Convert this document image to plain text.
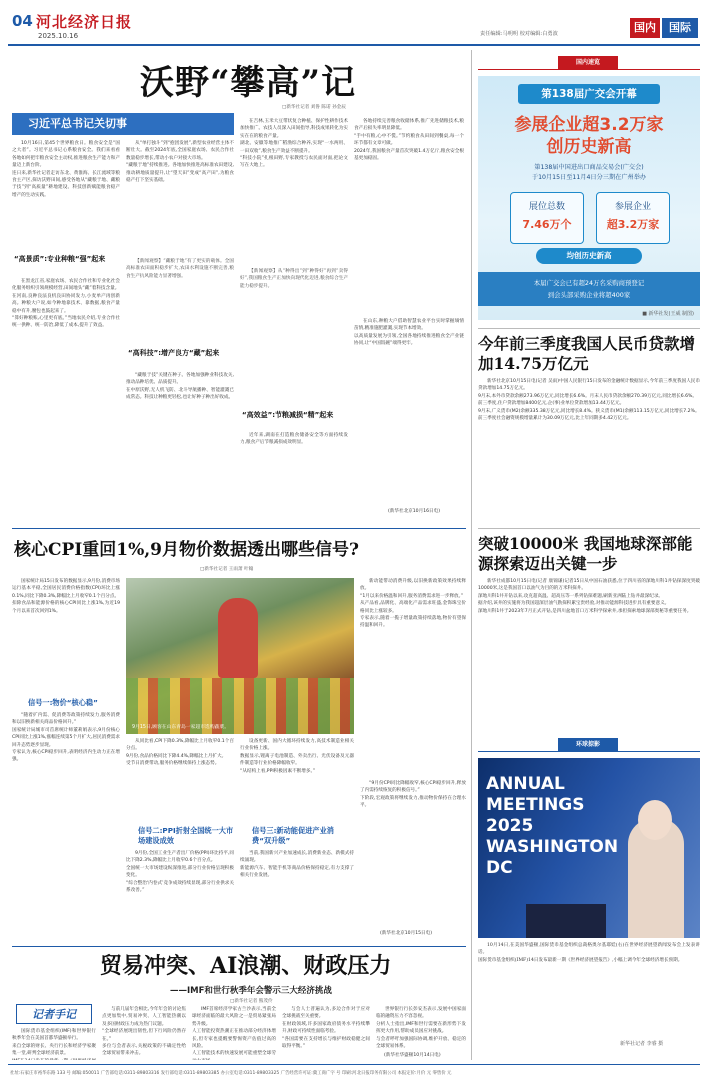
04 河北经济日报
2025.10.16	责任编辑:马明明 校对编辑:白勇波	国内	国际
沃野“攀高”记
□新华社记者 刘鲁 陈诺 孙金辰
习近平总书记关切事
10月16日,第45个世界粮食日。粮食安全是“国之大者”。习近平总书记心系粮食安全。我们来看看各地如何把牢粮食安全主动权,推进粮食生产能力和产量迈上新台阶。
连日来,新华社记者走访东北、黄淮海、长江流域等粮食主产区,探访沃野田间,感受各地从“藏粮于地、藏粮于技”到“高质量”耕地建设、科技创新赋能粮食稳产增产的生动实践。
“高景质”:专业种粮“强”起来
在黑龙江省,家庭农场、农民合作社和专业化社会化服务组织引领规模经营,田间地头“藏”着科技含量。
在河南,良种良法良机良田协同发力,小麦单产再创新高。种粮大户说,如今种地靠技术、靠数据,粮食产量稳中有升,腰包也鼓起来了。
“算好种粮账,心里更有底。”当地农民介绍,专业合作社统一供种、统一防治,降低了成本,提升了效益。
从“单打独斗”到“抱团发展”,新型农业经营主体不断壮大。截至2024年底,全国家庭农场、农民合作社数量稳步增长,带动小农户对接大市场。
“藏粮于地”持续推进。各地加快推进高标准农田建设,推动耕地质量提升,让“望天田”变成“高产田”,为粮食稳产打下坚实基础。
【新闻观察】“藏粮于地”有了更实的载体。全国高标准农田面积稳步扩大,农田水利设施不断完善,粮食生产抗风险能力显著增强。
“高科技”:增产良方“藏”起来
“藏粮于技”关键在种子。各地加强种业科技攻关,推动品种培优、品质提升。
在中原沃野,无人机飞防、北斗导航播种、智能灌溉已成常态。科技让种粮更轻松,也让好种子种出好收成。
在吉林,玉米大豆带状复合种植、保护性耕作技术加快推广。农技人员深入田间指导,科技成果转化为实实在在的粮食产量。
湖北、安徽等地推广稻渔综合种养,实现“一水两用、一田双收”,粮食生产效益不断提升。
“科技小院”扎根田野,专家教授与农民面对面,把论文写在大地上。
【新闻观察】从“种得出”到“种得好”再到“卖得好”,我国粮食生产正加快向现代化迈进,粮食综合生产能力稳步提升。
“高效益”:节粮减损“精”起来
近年来,湖南在打造粮食储备安全等方面持续发力,粮食产后节粮减损成效明显。
各地持续完善粮食收储体系,推广先进储粮技术,粮食产后损失率明显降低。
“手中有粮,心中不慌。”节约粮食从田间到餐桌,每一个环节都有文章可做。
2024年,我国粮食产量首次突破1.4万亿斤,粮食安全根基更加稳固。
在山东,种粮大户借助智慧农业平台实时掌握墒情苗情,精准施肥灌溉,实现节本增效。
以高质量发展为引领,全国各地持续推进粮食全产业链协同,让“中国饭碗”端得更牢。
(新华社北京10月16日电)
国内速览
第138届广交会开幕
参展企业超3.2万家
创历史新高
第138届中国进出口商品交易会(广交会)
于10月15日至11月4日分三期在广州举办
展位总数
7.46万个
参展企业
超3.2万家
均创历史新高
本届广交会已有超24万名采购商预登记
到会头部采购企业将超400家
■ 新华社发(王威 制图)
今年前三季度我国人民币贷款增加14.75万亿元
新华社北京10月15日电(记者 吴雨)中国人民银行15日发布的金融统计数据显示,今年前三季度我国人民币贷款增加14.75万亿元。
9月末,本外币贷款余额273.96万亿元,同比增长6.6%。月末人民币贷款余额270.39万亿元,同比增长6.6%。
前三季度,住户贷款增加8400亿元,企(事)业单位贷款增加13.44万亿元。
9月末,广义货币(M2)余额335.38万亿元,同比增长8.4%。狭义货币(M1)余额113.15万亿元,同比增长7.2%。
前三季度社会融资规模增量累计为30.09万亿元,比上年同期多4.42万亿元。
突破10000米 我国地球深部能源探索迈出关键一步
新华社成都10月15日电(记者 康锦谦)记者15日从中国石油获悉,位于四川省的深地川科1井钻探深度突破10000米,这是我国首口以油气为目的的万米科探井。
深地川科1井开钻以来,攻克超高温、超高压等一系列钻探难题,刷新亚洲陆上钻井最深纪录。
据介绍,该井的实施将为我国超深层油气勘探积累宝贵经验,对推动能源科技进步具有重要意义。
深地川科1井于2023年7月正式开钻,是四川盆地首口万米科学探索井,承担探索地球深部奥秘等重要任务。
环球掠影
ANNUAL MEETINGS 2025 WASHINGTON DC
10月14日,在美国华盛顿,国际货币基金组织总裁格奥尔基耶娃(右)在世界经济展望新闻发布会上发表讲话。
国际货币基金组织(IMF)14日发布最新一期《世界经济展望报告》,小幅上调今年全球经济增长预期。
新华社记者 李睿 摄
核心CPI重回1%,9月物价数据透出哪些信号?
□新华社记者 王雨萧 叶翰
国家统计局15日发布的数据显示,9月份,消费市场运行基本平稳,全国居民消费价格指数(CPI)环比上涨0.1%,同比下降0.3%,降幅比上月收窄0.1个百分点。
扣除食品和能源价格的核心CPI同比上涨1%,为近19个月以来首次回到1%。
信号一:物价“核心稳”
“随着扩内需、促消费等政策持续发力,服务消费和以旧换新相关商品价格回升。”
国家统计局城市司首席统计师董莉娟表示,9月份核心CPI同比上涨1%,涨幅连续第5个月扩大,居民消费需求回升态势逐步显现。
专家认为,核心CPI稳步回升,表明经济内生动力正在增强。
9月15日,顾客在山东青岛一家超市选购蔬菜。
从同比看,CPI下降0.3%,降幅比上月收窄0.1个百分点。
9月份,食品价格同比下降4.4%,降幅比上月扩大。
受节日消费带动,服务价格继续保持上涨态势。
信号二:PPI折射全国统一大市场建设成效
9月份,全国工业生产者出厂价格(PPI)环比持平,同比下降2.3%,降幅比上月收窄0.6个百分点。
全国统一大市场建设纵深推进,部分行业价格呈现积极变化。
“综合整治‘内卷式’竞争成效持续显现,部分行业供求关系改善。”
设备更新、国内大循环持续发力,高技术制造业相关行业价格上涨。
数据显示,锂离子电池制造、外卖出行、光伏设备及元器件制造等行业价格降幅收窄。
“从结构上看,PPI积极因素不断增多。”
信号三:新动能促进产业消费“双升级”
当前,我国新兴产业加速成长,消费新业态、新模式持续涌现。
新能源汽车、智能手机等商品价格保持稳定,有力支撑了相关行业发展。
新动能带动消费升级,以旧换新政策效果持续释放。
“1月以来价格温和回升,服务消费需求进一步释放。”
从产品看,品牌化、高端化产品需求旺盛,金饰珠宝价格同比上涨较多。
专家表示,随着一揽子增量政策持续落地,物价有望保持温和回升。
“9月份CPI同比降幅收窄,核心CPI稳步回升,释放了内需持续恢复的积极信号。”
下阶段,宏观政策将继续发力,推动物价保持在合理水平。
(新华社北京10月15日电)
贸易冲突、AI浪潮、财政压力
——IMF和世行秋季年会警示三大经济挑战
□新华社记者 熊茂伶
记者手记
国际货币基金组织(IMF)和世界银行秋季年会在美国首都华盛顿举行。
来自全球的财长、央行行长和经济学家聚集一堂,研判全球经济前景。

与前几届年会相比,今年年会的讨论焦点更加集中,贸易冲突、人工智能热潮以及多国财政压力成为热门议题。
“全球经济展现出韧性,但下行风险仍然存在。”
多位与会者表示,关税政策的不确定性给全球贸易带来冲击。
IMF首席经济学家古兰沙表示,当前全球经济面临的最大风险之一是贸易紧张局势升级。
人工智能投资热潮正在推动部分经济体增长,但专家也提醒要警惕资产估值过高的风险。
人工智能技术的快速发展可能重塑全球劳
与会人士普遍认为,多边合作对于应对全球挑战至关重要。
在财政领域,许多国家政府债务水平持续攀升,财政可持续性面临考验。
“各国需要在支持增长与维护财政稳健之间取得平衡。”
世界银行行长彭安杰表示,发展中国家面临的融资压力不容忽视。
分析人士指出,IMF和世行需要在新形势下发挥更大作用,帮助成员国应对挑战。
与会者呼吁加强国际协调,维护开放、稳定的全球贸易体系。
(新华社华盛顿10月14日电)
社址:石家庄市裕华东路 133 号 邮编:050011 广告部电话:0311-89803316 发行部电话:0311-89803385 办公室电话:0311-89803325 广告经营许可证:冀工商广字 号 印刷:河北日报印务有限公司 本报定价:月价 元 零售价 元
